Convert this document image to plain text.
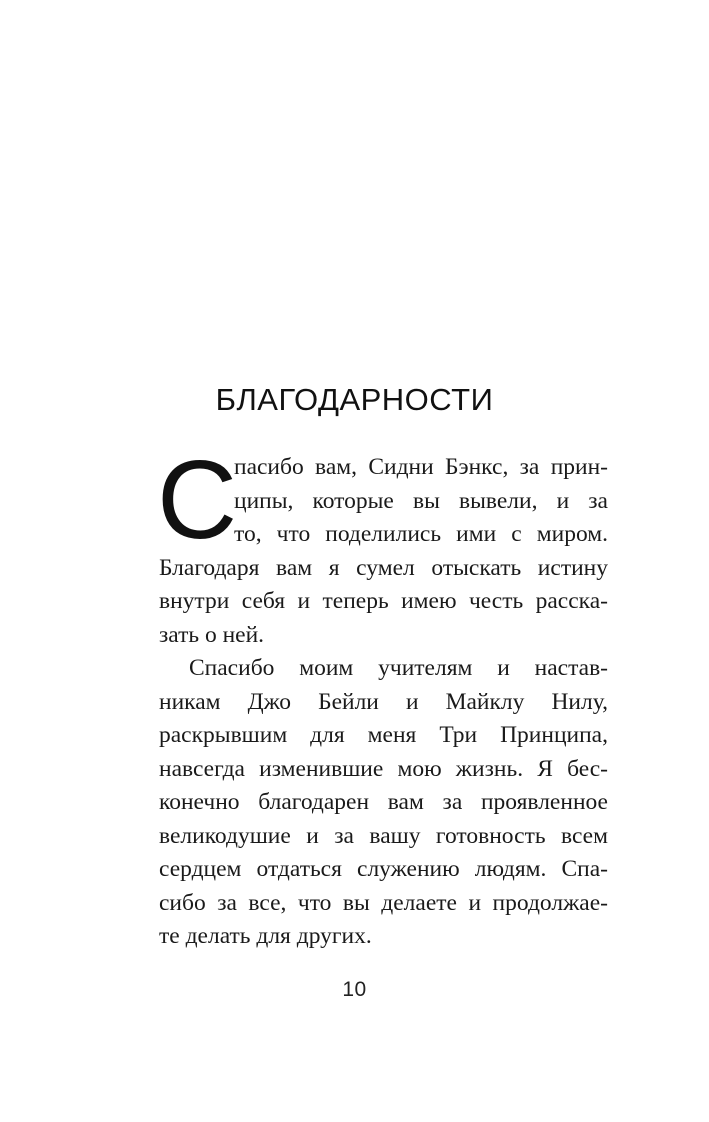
БЛАГОДАРНОСТИ
С
пасибо вам, Сидни Бэнкс, за прин-
ципы, которые вы вывели, и за
то, что поделились ими с миром.
Благодаря вам я сумел отыскать истину
внутри себя и теперь имею честь расска-
зать о ней.
Спасибо моим учителям и настав-
никам Джо Бейли и Майклу Нилу,
раскрывшим для меня Три Принципа,
навсегда изменившие мою жизнь. Я бес-
конечно благодарен вам за проявленное
великодушие и за вашу готовность всем
сердцем отдаться служению людям. Спа-
сибо за все, что вы делаете и продолжае-
те делать для других.
10
